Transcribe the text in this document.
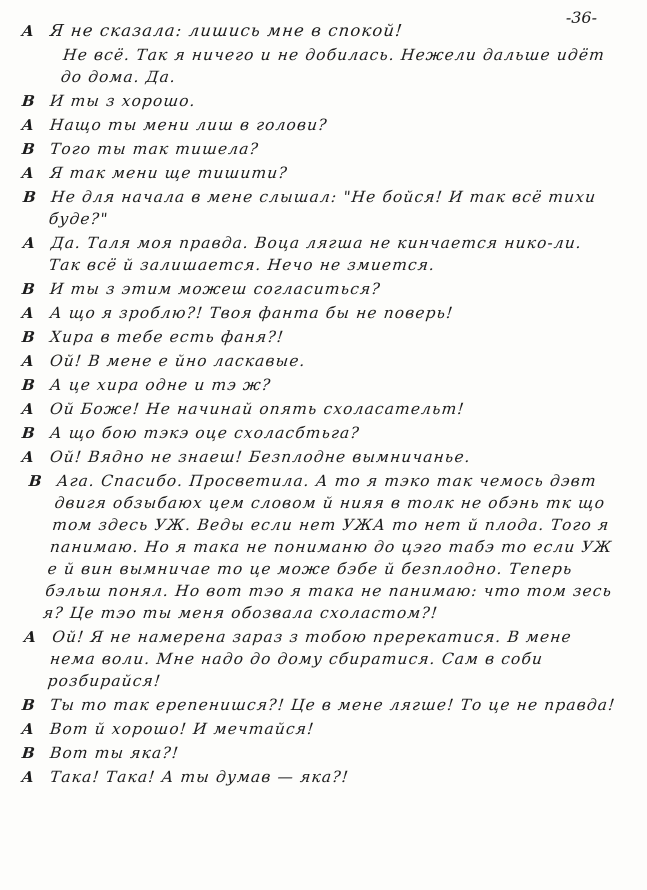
-36-
A Я не сказала: лишись мне в спокой!
Не всё. Так я ничего и не добилась. Нежели дальше идёт до дома. Да.
B И ты з хорошо.
A Нащо ты мени лиш в голови?
B Того ты так тишела?
A Я так мени ще тишити?
B Не для начала в мене слышал: "Не бойся! И так всё тихи буде?"
A Да. Таля моя правда. Воца лягша не кинчается нико-ли. Так всё й залишается. Нечо не змиется.
B И ты з этим можеш согласиться?
A А що я зроблю?! Твоя фанта бы не поверь!
B Хира в тебе есть фаня?!
A Ой! В мене е йно ласкавые.
B А це хира одне и тэ ж?
A Ой Боже! Не начинай опять схоласательт!
B А що бою тэкэ оце схоласбтьга?
A Ой! Вядно не знаеш! Безплодне вымничанье.
B Ага. Спасибо. Просветила. А то я тэко так чемось дэвт двигя обзыбаюх цем словом й нияя в толк не обэнь тк що том здесь УЖ. Веды если нет УЖА то нет й плода. Того я панимаю. Но я така не пониманю до цэго табэ то если УЖ е й вин вымничае то це може бэбе й безплодно. Теперь бэльш понял. Но вот тэо я така не панимаю: что том зесь я? Це тэо ты меня обозвала схоластом?!
A Ой! Я не намерена зараз з тобою пререкатися. В мене нема воли. Мне надо до дому сбиратися. Сам в соби розбирайся!
B Ты то так ерепенишся?! Це в мене лягше! То це не правда!
A Вот й хорошо! И мечтайся!
B Вот ты яка?!
A Така! Така! А ты думав — яка?!
